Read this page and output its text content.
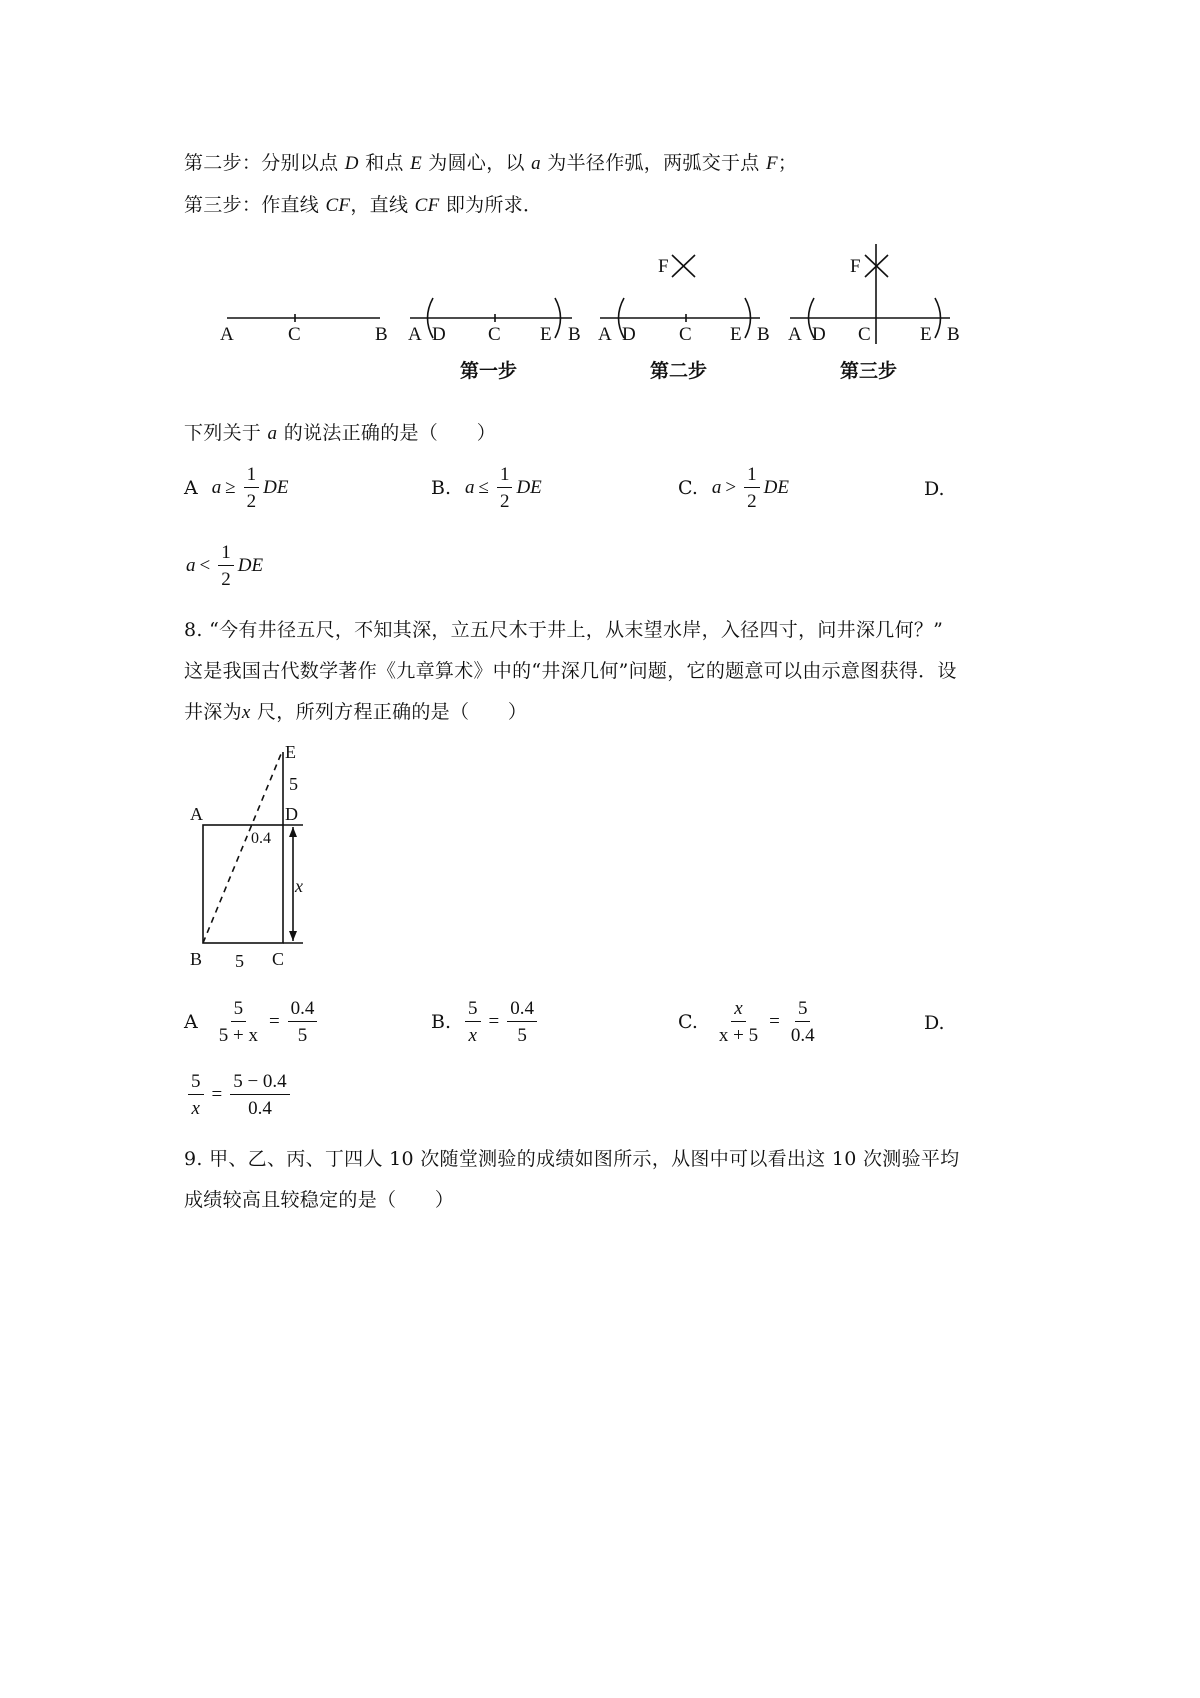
第二步：分别以点 D 和点 E 为圆心，以 a 为半径作弧，两弧交于点 F；
第三步：作直线 CF，直线 CF 即为所求．
A	C	B A D C E B A D C E B
F
A D C	E B
F
第一步	第二步	第三步
下列关于 a 的说法正确的是（　　）
A $a \ge \frac{1}{2}$ DE	B. $a \le \frac{1}{2}$ DE	C. $a > \frac{1}{2}$ DE	D.
$a < \frac{1}{2}$ DE
8. “今有井径五尺，不知其深，立五尺木于井上，从末望水岸，入径四寸，问井深几何？”
这是我国古代数学著作《九章算术》中的“井深几何”问题，它的题意可以由示意图获得．设
井深为x 尺，所列方程正确的是（　　）
A	D
E
5
0.4
x
B 5 C
A $\frac{5}{5 + x} = \frac{0.4}{5}$	B. $\frac{5}{x} = \frac{0.4}{5}$	C. $\frac{x}{x + 5} = \frac{5}{0.4}$	D.
$\frac{5}{x} = \frac{5 - 0.4}{0.4}$
9. 甲、乙、丙、丁四人 10 次随堂测验的成绩如图所示，从图中可以看出这 10 次测验平均
成绩较高且较稳定的是（　　）
